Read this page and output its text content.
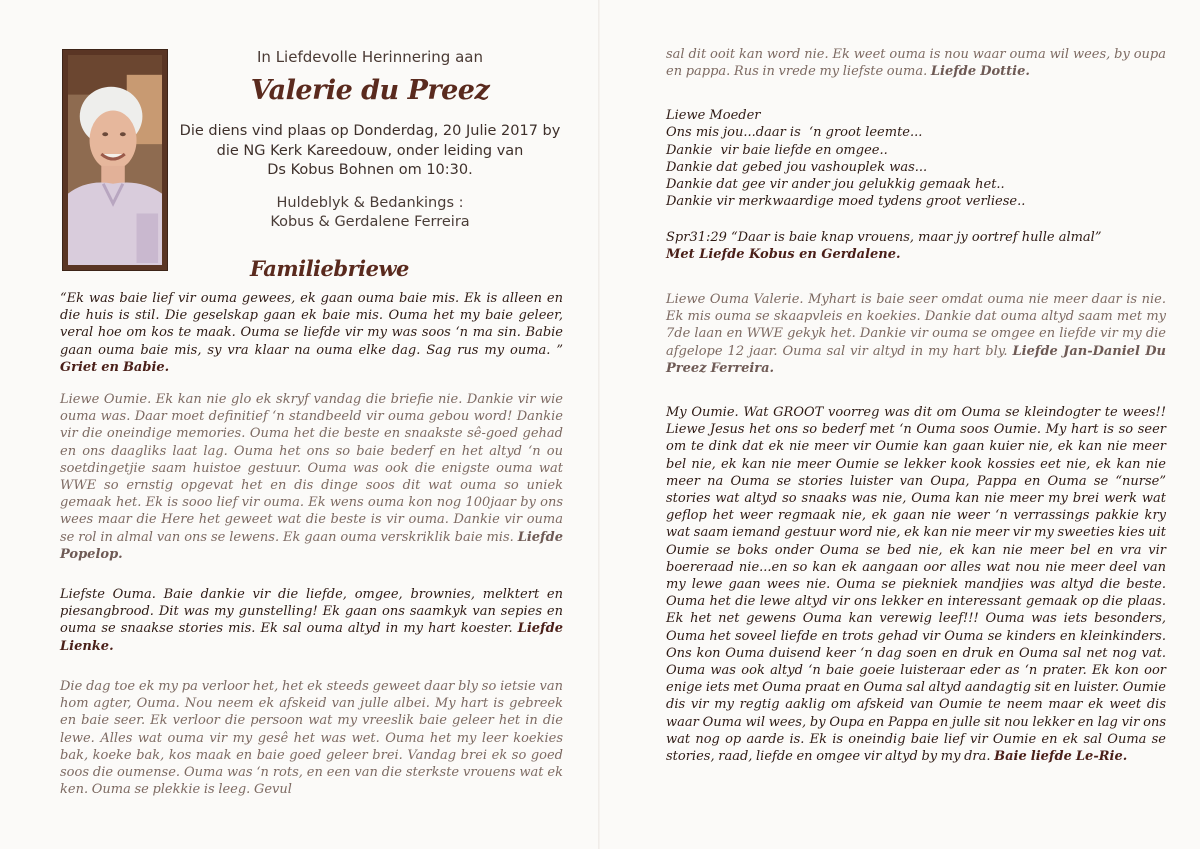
In Liefdevolle Herinnering aan
Valerie du Preez
Die diens vind plaas op Donderdag, 20 Julie 2017 by
die NG Kerk Kareedouw, onder leiding van
Ds Kobus Bohnen om 10:30.
Huldeblyk & Bedankings :
Kobus & Gerdalene Ferreira
Familiebriewe
“Ek was baie lief vir ouma gewees, ek gaan ouma baie mis. Ek is alleen en die huis is stil. Die geselskap gaan ek baie mis. Ouma het my baie geleer, veral hoe om kos te maak. Ouma se liefde vir my was soos ‘n ma sin. Babie gaan ouma baie mis, sy vra klaar na ouma elke dag. Sag rus my ouma. ” Griet en Babie.
Liewe Oumie. Ek kan nie glo ek skryf vandag die briefie nie. Dankie vir wie ouma was. Daar moet definitief ‘n standbeeld vir ouma gebou word! Dankie vir die oneindige memories. Ouma het die beste en snaakste sê-goed gehad en ons daagliks laat lag. Ouma het ons so baie bederf en het altyd ‘n ou soetdingetjie saam huistoe gestuur. Ouma was ook die enigste ouma wat WWE so ernstig opgevat het en dis dinge soos dit wat ouma so uniek gemaak het. Ek is sooo lief vir ouma. Ek wens ouma kon nog 100jaar by ons wees maar die Here het geweet wat die beste is vir ouma. Dankie vir ouma se rol in almal van ons se lewens. Ek gaan ouma verskriklik baie mis. Liefde Popelop.
Liefste Ouma. Baie dankie vir die liefde, omgee, brownies, melktert en piesangbrood. Dit was my gunstelling! Ek gaan ons saamkyk van sepies en ouma se snaakse stories mis. Ek sal ouma altyd in my hart koester. Liefde Lienke.
Die dag toe ek my pa verloor het, het ek steeds geweet daar bly so ietsie van hom agter, Ouma. Nou neem ek afskeid van julle albei. My hart is gebreek en baie seer. Ek verloor die persoon wat my vreeslik baie geleer het in die lewe. Alles wat ouma vir my gesê het was wet. Ouma het my leer koekies bak, koeke bak, kos maak en baie goed geleer brei. Vandag brei ek so goed soos die oumense. Ouma was ‘n rots, en een van die sterkste vrouens wat ek ken. Ouma se plekkie is leeg. Gevul
sal dit ooit kan word nie. Ek weet ouma is nou waar ouma wil wees, by oupa en pappa. Rus in vrede my liefste ouma. Liefde Dottie.
Liewe Moeder
Ons mis jou...daar is  ‘n groot leemte...
Dankie  vir baie liefde en omgee..
Dankie dat gebed jou vashouplek was...
Dankie dat gee vir ander jou gelukkig gemaak het..
Dankie vir merkwaardige moed tydens groot verliese..
Spr31:29 “Daar is baie knap vrouens, maar jy oortref hulle almal”
Met Liefde Kobus en Gerdalene.
Liewe Ouma Valerie. Myhart is baie seer omdat ouma nie meer daar is nie. Ek mis ouma se skaapvleis en koekies. Dankie dat ouma altyd saam met my 7de laan en WWE gekyk het. Dankie vir ouma se omgee en liefde vir my die afgelope 12 jaar. Ouma sal vir altyd in my hart bly. Liefde Jan-Daniel Du Preez Ferreira.
My Oumie. Wat GROOT voorreg was dit om Ouma se kleindogter te wees!! Liewe Jesus het ons so bederf met ‘n Ouma soos Oumie. My hart is so seer om te dink dat ek nie meer vir Oumie kan gaan kuier nie, ek kan nie meer bel nie, ek kan nie meer Oumie se lekker kook kossies eet nie, ek kan nie meer na Ouma se stories luister van Oupa, Pappa en Ouma se “nurse” stories wat altyd so snaaks was nie, Ouma kan nie meer my brei werk wat geflop het weer regmaak nie, ek gaan nie weer ‘n verrassings pakkie kry wat saam iemand gestuur word nie, ek kan nie meer vir my sweeties kies uit Oumie se boks onder Ouma se bed nie, ek kan nie meer bel en vra vir boereraad nie...en so kan ek aangaan oor alles wat nou nie meer deel van my lewe gaan wees nie. Ouma se piekniek mandjies was altyd die beste. Ouma het die lewe altyd vir ons lekker en interessant gemaak op die plaas. Ek het net gewens Ouma kan verewig leef!!! Ouma was iets besonders, Ouma het soveel liefde en trots gehad vir Ouma se kinders en kleinkinders. Ons kon Ouma duisend keer ‘n dag soen en druk en Ouma sal net nog vat. Ouma was ook altyd ‘n baie goeie luisteraar eder as ‘n prater. Ek kon oor enige iets met Ouma praat en Ouma sal altyd aandagtig sit en luister. Oumie dis vir my regtig aaklig om afskeid van Oumie te neem maar ek weet dis waar Ouma wil wees, by Oupa en Pappa en julle sit nou lekker en lag vir ons wat nog op aarde is. Ek is oneindig baie lief vir Oumie en ek sal Ouma se stories, raad, liefde en omgee vir altyd by my dra. Baie liefde Le-Rie.
